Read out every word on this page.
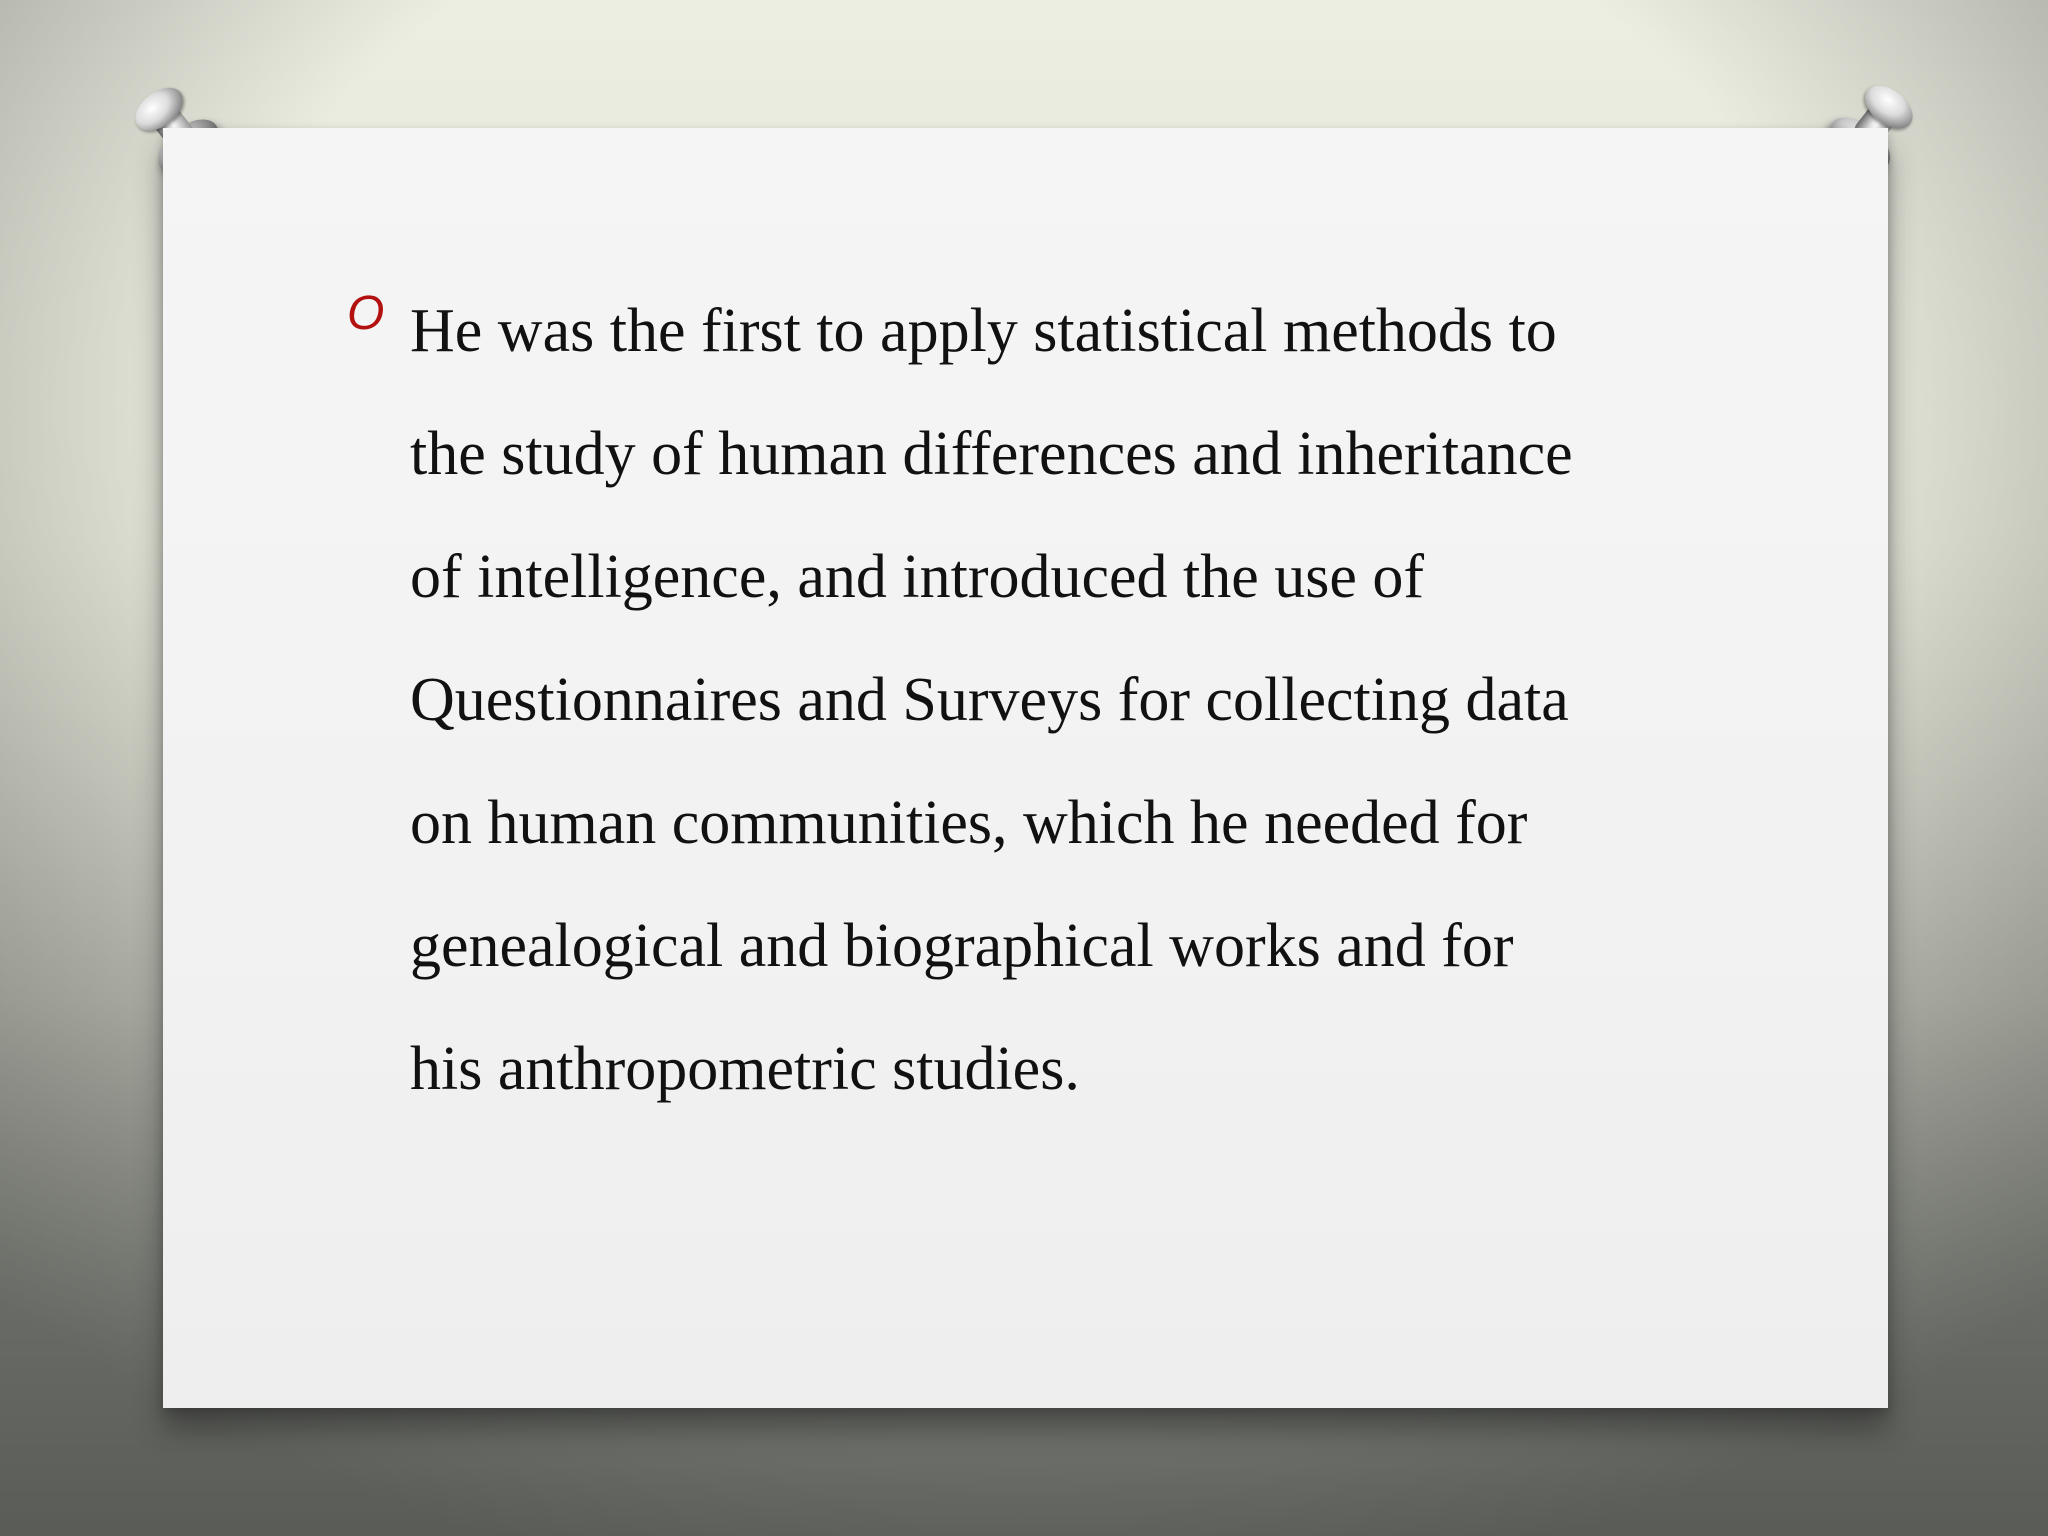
O He was the first to apply statistical methods to
the study of human differences and inheritance
of intelligence, and introduced the use of
Questionnaires and Surveys for collecting data
on human communities, which he needed for
genealogical and biographical works and for
his anthropometric studies.
